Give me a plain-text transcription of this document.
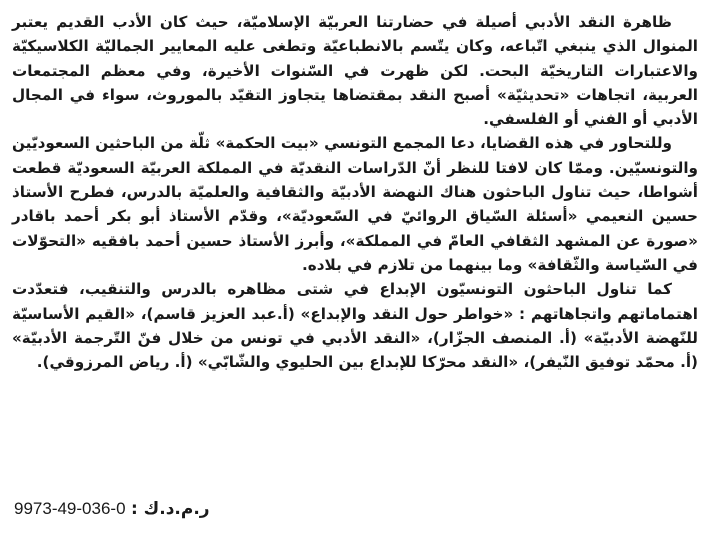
ظاهرة النقد الأدبي أصيلة في حضارتنا العربيّة الإسلاميّة، حيث كان الأدب القديم يعتبر المنوال الذي ينبغي اتّباعه، وكان يتّسم بالانطباعيّة وتطغى عليه المعايير الجماليّة الكلاسيكيّة والاعتبارات التاريخيّة البحت. لكن ظهرت في السّنوات الأخيرة، وفي معظم المجتمعات العربية، اتجاهات «تحديثيّة» أصبح النقد بمقتضاها يتجاوز التقيّد بالموروث، سواء في المجال الأدبي أو الفني أو الفلسفي.

وللتحاور في هذه القضايا، دعا المجمع التونسي «بيت الحكمة» ثلّة من الباحثين السعوديّين والتونسيّين. وممّا كان لافتا للنظر أنّ الدّراسات النقديّة في المملكة العربيّة السعوديّة قطعت أشواطا، حيث تناول الباحثون هناك النهضة الأدبيّة والثقافية والعلميّة بالدرس، فطرح الأستاذ حسين النعيمي «أسئلة السّياق الروائيّ في السّعوديّة»، وقدّم الأستاذ أبو بكر أحمد باقادر «صورة عن المشهد الثقافي العامّ في المملكة»، وأبرز الأستاذ حسين أحمد بافقيه «التحوّلات في السّياسة والثّقافة» وما بينهما من تلازم في بلاده.

كما تناول الباحثون التونسيّون الإبداع في شتى مظاهره بالدرس والتنقيب، فتعدّدت اهتماماتهم واتجاهاتهم : «خواطر حول النقد والإبداع» (أ.عبد العزيز قاسم)، «القيم الأساسيّة للنّهضة الأدبيّة» (أ. المنصف الجزّار)، «النقد الأدبي في تونس من خلال فنّ التّرجمة الأدبيّة» (أ. محمّد توفيق النّيفر)، «النقد محرّكا للإبداع بين الحليوي والشّابّي» (أ. رياض المرزوقي).

ر.م.د.ك : 9973-49-036-0
